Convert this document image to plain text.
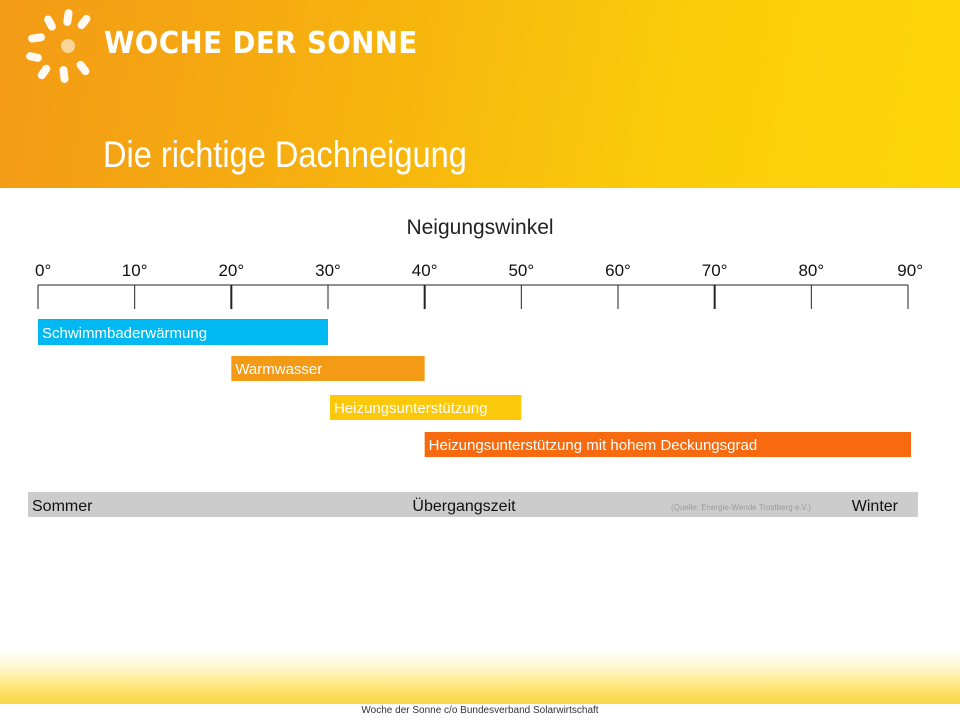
WOCHE DER SONNE
Die richtige Dachneigung
Neigungswinkel
0°	10°	20°	30°	40°	50°	60°	70°	80°	90°
Schwimmbaderwärmung
Warmwasser
Heizungsunterstützung
Heizungsunterstützung mit hohem Deckungsgrad
Sommer	Übergangszeit	(Quelle: Energie-Wende Trostberg e.V.)	Winter
Woche der Sonne c/o Bundesverband Solarwirtschaft
